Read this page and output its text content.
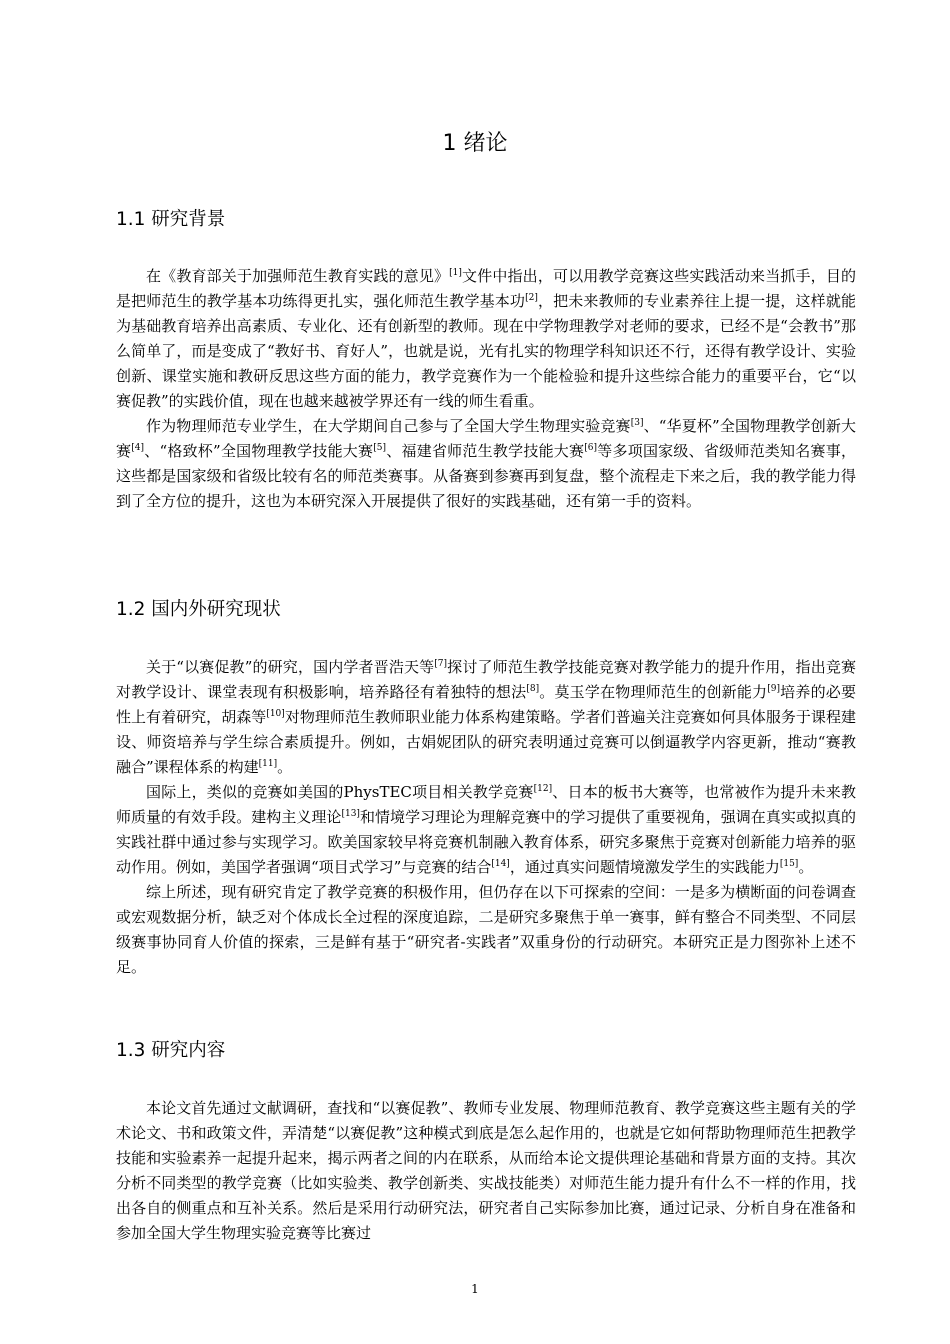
1 绪论
1.1 研究背景

在《教育部关于加强师范生教育实践的意见》[1]文件中指出，可以用教学竞赛这些实践活动来当抓手，目的是把师范生的教学基本功练得更扎实，强化师范生教学基本功[2]，把未来教师的专业素养往上提一提，这样就能为基础教育培养出高素质、专业化、还有创新型的教师。现在中学物理教学对老师的要求，已经不是“会教书”那么简单了，而是变成了“教好书、育好人”，也就是说，光有扎实的物理学科知识还不行，还得有教学设计、实验创新、课堂实施和教研反思这些方面的能力，教学竞赛作为一个能检验和提升这些综合能力的重要平台，它“以赛促教”的实践价值，现在也越来越被学界还有一线的师生看重。

作为物理师范专业学生，在大学期间自己参与了全国大学生物理实验竞赛[3]、“华夏杯”全国物理教学创新大赛[4]、“格致杯”全国物理教学技能大赛[5]、福建省师范生教学技能大赛[6]等多项国家级、省级师范类知名赛事，这些都是国家级和省级比较有名的师范类赛事。从备赛到参赛再到复盘，整个流程走下来之后，我的教学能力得到了全方位的提升，这也为本研究深入开展提供了很好的实践基础，还有第一手的资料。

1.2 国内外研究现状

关于“以赛促教”的研究，国内学者晋浩天等[7]探讨了师范生教学技能竞赛对教学能力的提升作用，指出竞赛对教学设计、课堂表现有积极影响，培养路径有着独特的想法[8]。莫玉学在物理师范生的创新能力[9]培养的必要性上有着研究，胡森等[10]对物理师范生教师职业能力体系构建策略。学者们普遍关注竞赛如何具体服务于课程建设、师资培养与学生综合素质提升。例如，古娟妮团队的研究表明通过竞赛可以倒逼教学内容更新，推动“赛教融合”课程体系的构建[11]。

国际上，类似的竞赛如美国的PhysTEC项目相关教学竞赛[12]、日本的板书大赛等，也常被作为提升未来教师质量的有效手段。建构主义理论[13]和情境学习理论为理解竞赛中的学习提供了重要视角，强调在真实或拟真的实践社群中通过参与实现学习。欧美国家较早将竞赛机制融入教育体系，研究多聚焦于竞赛对创新能力培养的驱动作用。例如，美国学者强调“项目式学习”与竞赛的结合[14]，通过真实问题情境激发学生的实践能力[15]。

综上所述，现有研究肯定了教学竞赛的积极作用，但仍存在以下可探索的空间：一是多为横断面的问卷调查或宏观数据分析，缺乏对个体成长全过程的深度追踪，二是研究多聚焦于单一赛事，鲜有整合不同类型、不同层级赛事协同育人价值的探索，三是鲜有基于“研究者-实践者”双重身份的行动研究。本研究正是力图弥补上述不足。

1.3 研究内容

本论文首先通过文献调研，查找和“以赛促教”、教师专业发展、物理师范教育、教学竞赛这些主题有关的学术论文、书和政策文件，弄清楚“以赛促教”这种模式到底是怎么起作用的，也就是它如何帮助物理师范生把教学技能和实验素养一起提升起来，揭示两者之间的内在联系，从而给本论文提供理论基础和背景方面的支持。其次分析不同类型的教学竞赛（比如实验类、教学创新类、实战技能类）对师范生能力提升有什么不一样的作用，找出各自的侧重点和互补关系。然后是采用行动研究法，研究者自己实际参加比赛，通过记录、分析自身在准备和参加全国大学生物理实验竞赛等比赛过

1
